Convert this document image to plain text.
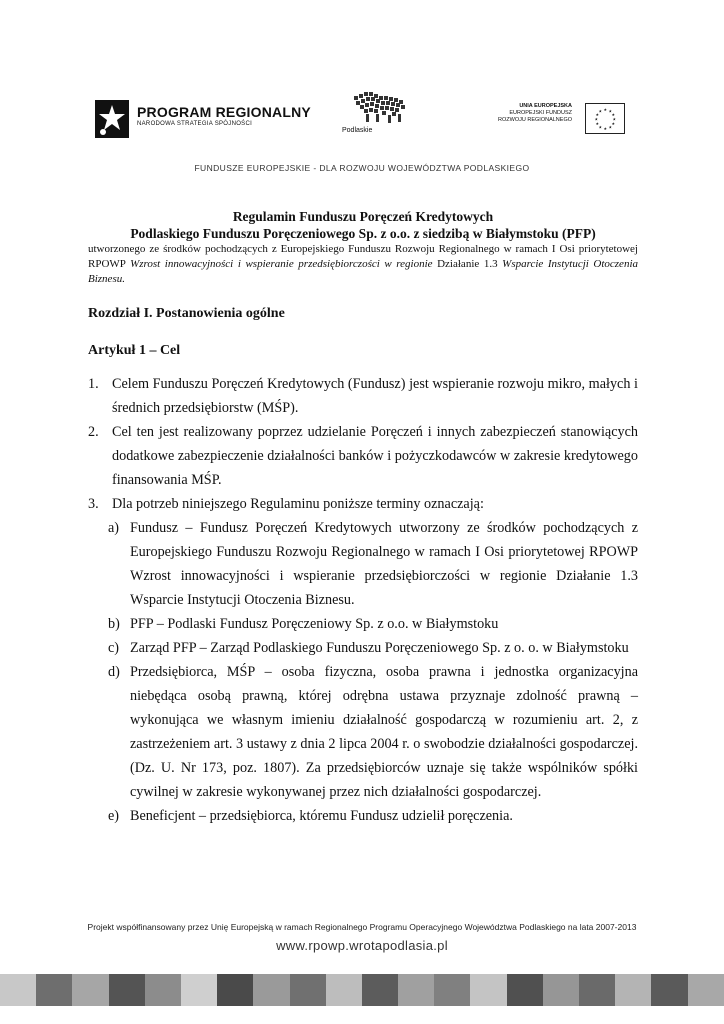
PROGRAM REGIONALNY
NARODOWA STRATEGIA SPÓJNOŚCI
Podlaskie
UNIA EUROPEJSKA
EUROPEJSKI FUNDUSZ
ROZWOJU REGIONALNEGO
★ ★
★
★
★
★
★
★
★
★
★
★
FUNDUSZE EUROPEJSKIE - DLA ROZWOJU WOJEWÓDZTWA PODLASKIEGO
Regulamin Funduszu Poręczeń Kredytowych
Podlaskiego Funduszu Poręczeniowego Sp. z o.o. z siedzibą w Białymstoku (PFP)
utworzonego ze środków pochodzących z Europejskiego Funduszu Rozwoju Regionalnego w ramach I Osi priorytetowej RPOWP Wzrost innowacyjności i wspieranie przedsiębiorczości w regionie Działanie 1.3 Wsparcie Instytucji Otoczenia Biznesu.
Rozdział I. Postanowienia ogólne
Artykuł 1 – Cel
1. Celem Funduszu Poręczeń Kredytowych (Fundusz) jest wspieranie rozwoju mikro, małych i średnich przedsiębiorstw (MŚP).
2. Cel ten jest realizowany poprzez udzielanie Poręczeń i innych zabezpieczeń stanowiących dodatkowe zabezpieczenie działalności banków i pożyczkodawców w zakresie kredytowego finansowania MŚP.
3. Dla potrzeb niniejszego Regulaminu poniższe terminy oznaczają:
a) Fundusz – Fundusz Poręczeń Kredytowych utworzony ze środków pochodzących z Europejskiego Funduszu Rozwoju Regionalnego w ramach I Osi priorytetowej RPOWP Wzrost innowacyjności i wspieranie przedsiębiorczości w regionie Działanie 1.3 Wsparcie Instytucji Otoczenia Biznesu.
b) PFP – Podlaski Fundusz Poręczeniowy Sp. z o.o. w Białymstoku
c) Zarząd PFP – Zarząd Podlaskiego Funduszu Poręczeniowego Sp. z o. o. w Białymstoku
d) Przedsiębiorca, MŚP – osoba fizyczna, osoba prawna i jednostka organizacyjna niebędąca osobą prawną, której odrębna ustawa przyznaje zdolność prawną – wykonująca we własnym imieniu działalność gospodarczą w rozumieniu art. 2, z zastrzeżeniem art. 3 ustawy z dnia 2 lipca 2004 r. o swobodzie działalności gospodarczej.(Dz. U. Nr 173, poz. 1807). Za przedsiębiorców uznaje się także wspólników spółki cywilnej w zakresie wykonywanej przez nich działalności gospodarczej.
e) Beneficjent – przedsiębiorca, któremu Fundusz udzielił poręczenia.
Projekt współfinansowany przez Unię Europejską w ramach Regionalnego Programu Operacyjnego Województwa Podlaskiego na lata 2007-2013
www.rpowp.wrotapodlasia.pl
